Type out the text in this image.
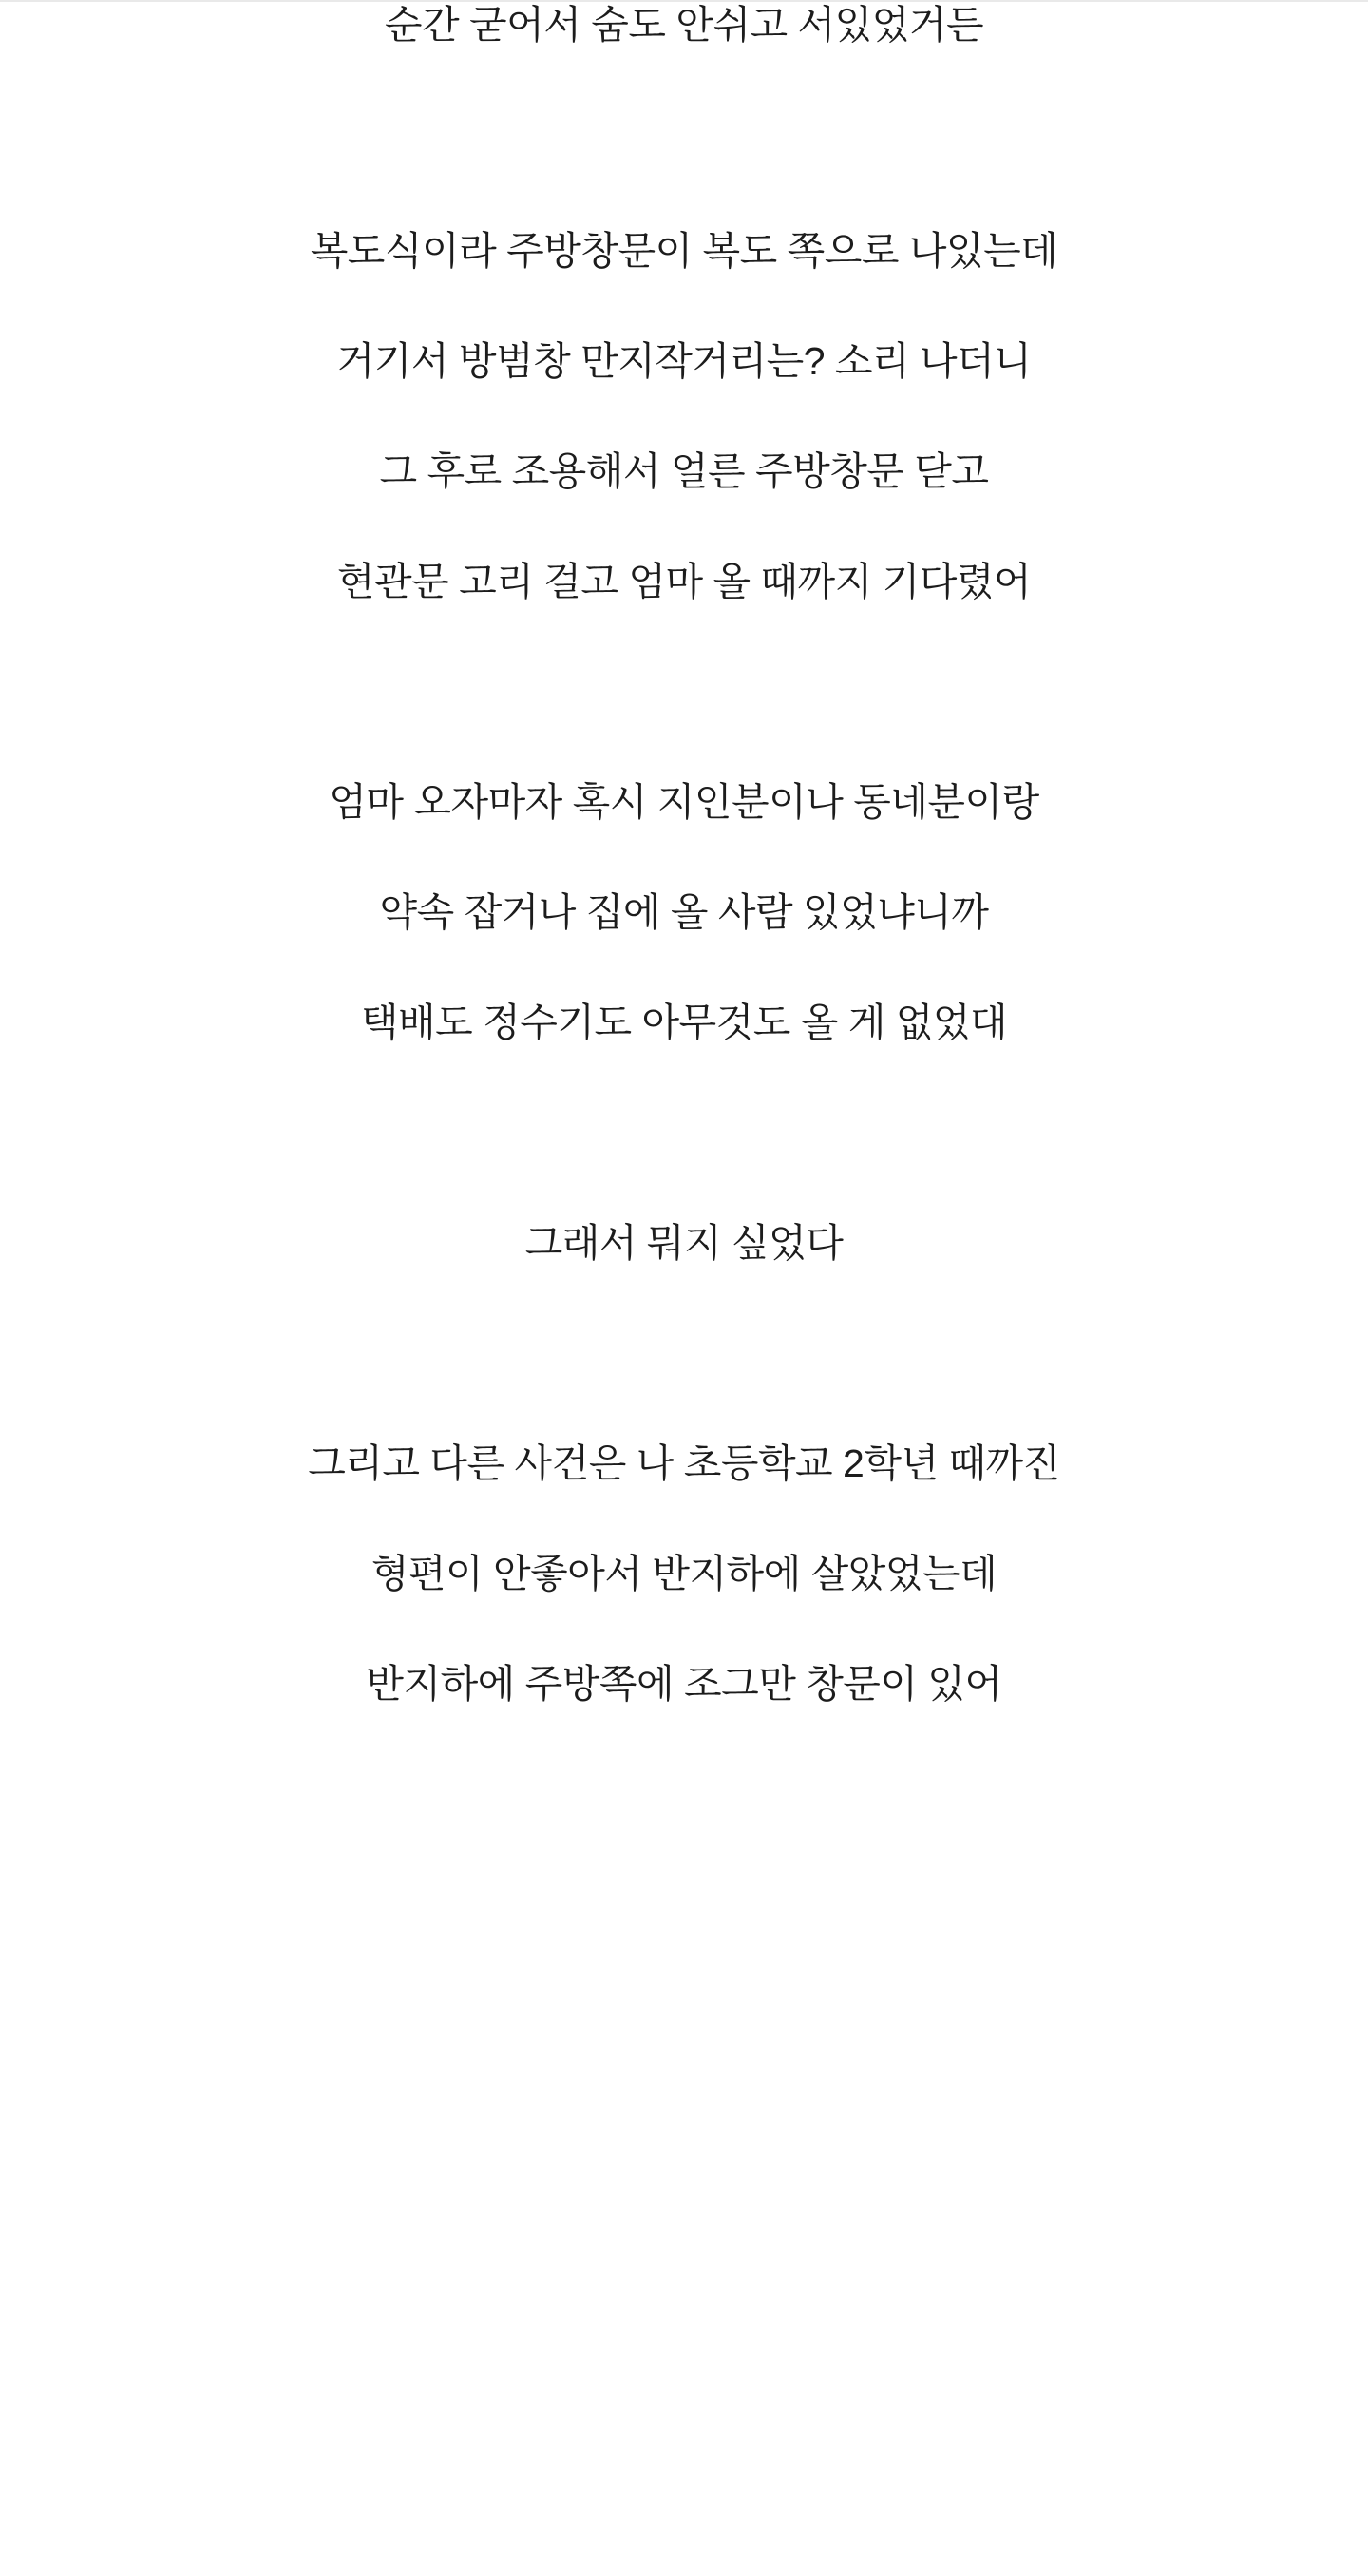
순간 굳어서 숨도 안쉬고 서있었거든

복도식이라 주방창문이 복도 쪽으로 나있는데

거기서 방범창 만지작거리는? 소리 나더니

그 후로 조용해서 얼른 주방창문 닫고

현관문 고리 걸고 엄마 올 때까지 기다렸어

엄마 오자마자 혹시 지인분이나 동네분이랑

약속 잡거나 집에 올 사람 있었냐니까

택배도 정수기도 아무것도 올 게 없었대

그래서 뭐지 싶었다

그리고 다른 사건은 나 초등학교 2학년 때까진

형편이 안좋아서 반지하에 살았었는데

반지하에 주방쪽에 조그만 창문이 있어
